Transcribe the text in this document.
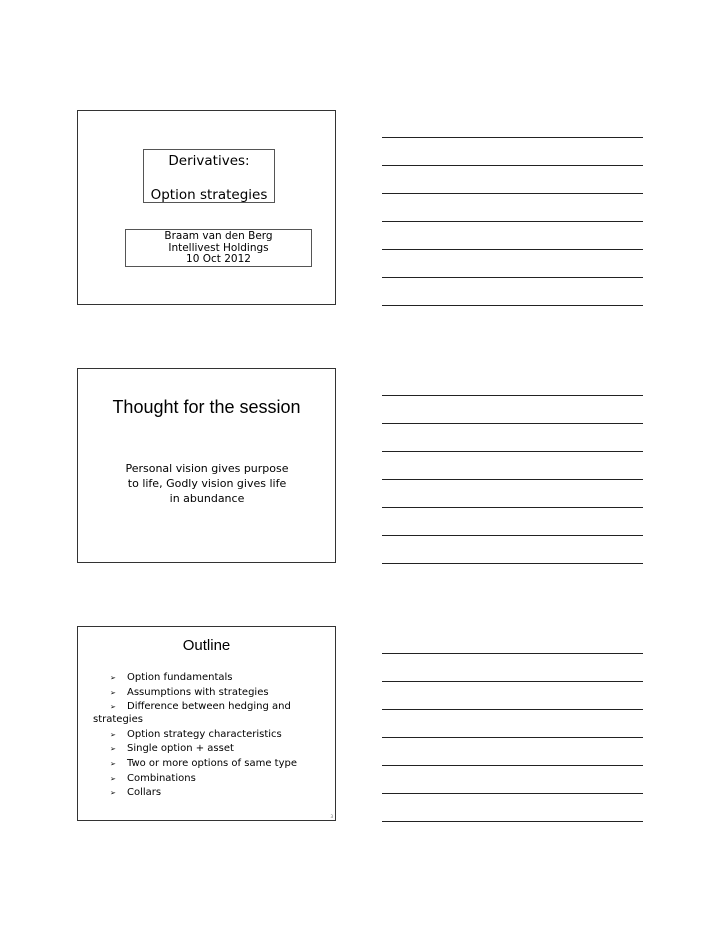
Derivatives:
Option strategies
Braam van den Berg
Intellivest Holdings
10 Oct 2012
Thought for the session
Personal vision gives purpose
to life, Godly vision gives life
in abundance
Outline
➢	Option fundamentals
➢	Assumptions with strategies
➢	Difference between hedging and
strategies
➢	Option strategy characteristics
➢	Single option + asset
➢	Two or more options of same type
➢	Combinations
➢	Collars
3
